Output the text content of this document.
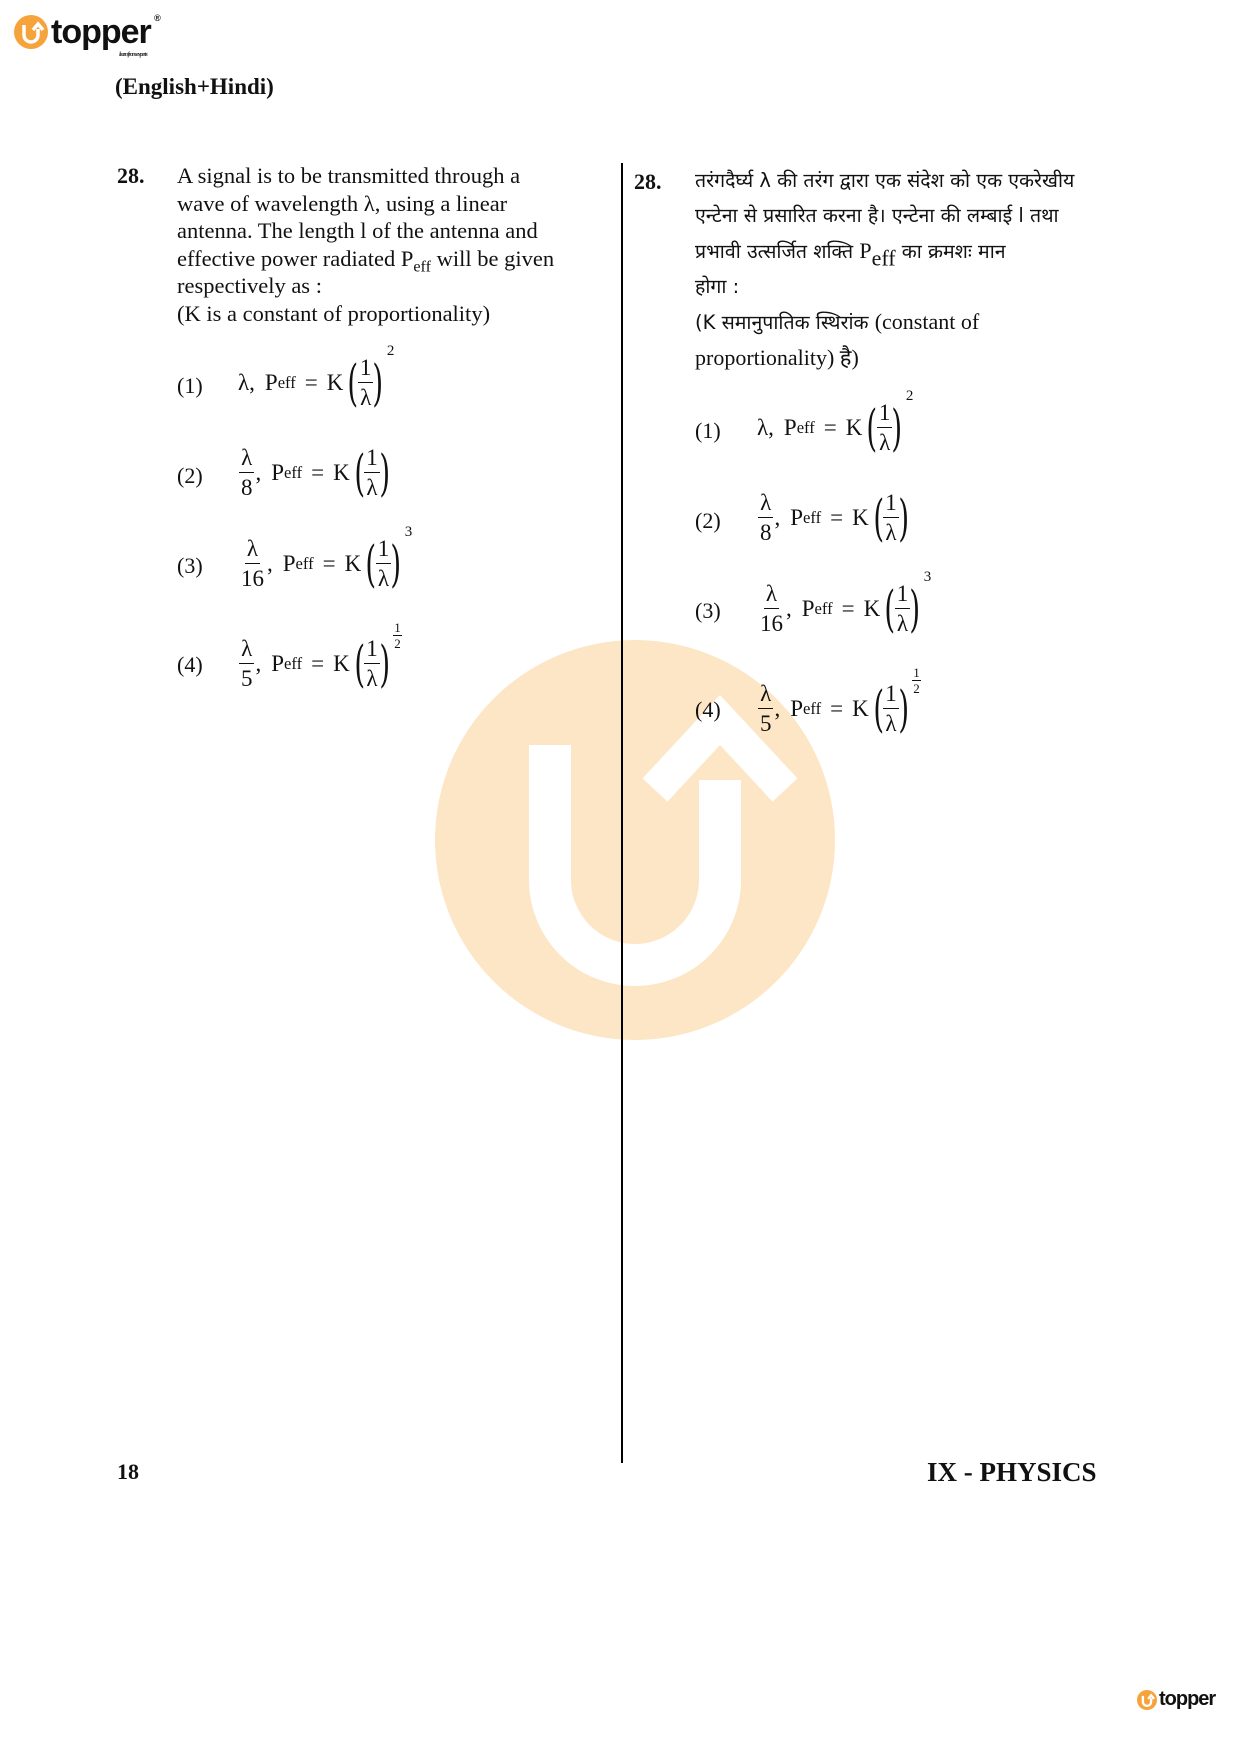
topper ®
learn from experts
(English+Hindi)
28. A signal is to be transmitted through a
wave of wavelength λ, using a linear
antenna. The length l of the antenna and
effective power radiated $P_{eff}$ will be given
respectively as :
(K is a constant of proportionality)
(1) λ , P eff = K ( $\frac{1}{\lambda}$ )
2
$(2) \frac{\lambda}{8}$ , P eff = K ( $\frac{1}{\lambda}$ )
$(3) \frac{\lambda}{16}$ , P eff = K ( $\frac{1}{\lambda}$ )
3
$(4) \frac{\lambda}{5}$ , P eff = K ( $\frac{1}{\lambda}$ ) $\frac{1}{2}$
28. तरंगदैर्घ्य λ की तरंग द्वारा एक संदेश को एक एकरेखीय
एन्टेना से प्रसारित करना है। एन्टेना की लम्बाई l तथा
प्रभावी उत्सर्जित शक्ति $P_{eff}$ का क्रमशः मान
होगा :
(K समानुपातिक स्थिरांक (constant of
proportionality) है)
(1) λ , P eff = K ( $\frac{1}{\lambda}$ )
2
$(2) \frac{\lambda}{8}$ , P eff = K ( $\frac{1}{\lambda}$ )
$(3) \frac{\lambda}{16}$ , P eff = K ( $\frac{1}{\lambda}$ )
3
$(4) \frac{\lambda}{5}$ , P eff = K ( $\frac{1}{\lambda}$ ) $\frac{1}{2}$
18	IX - PHYSICS
topper
